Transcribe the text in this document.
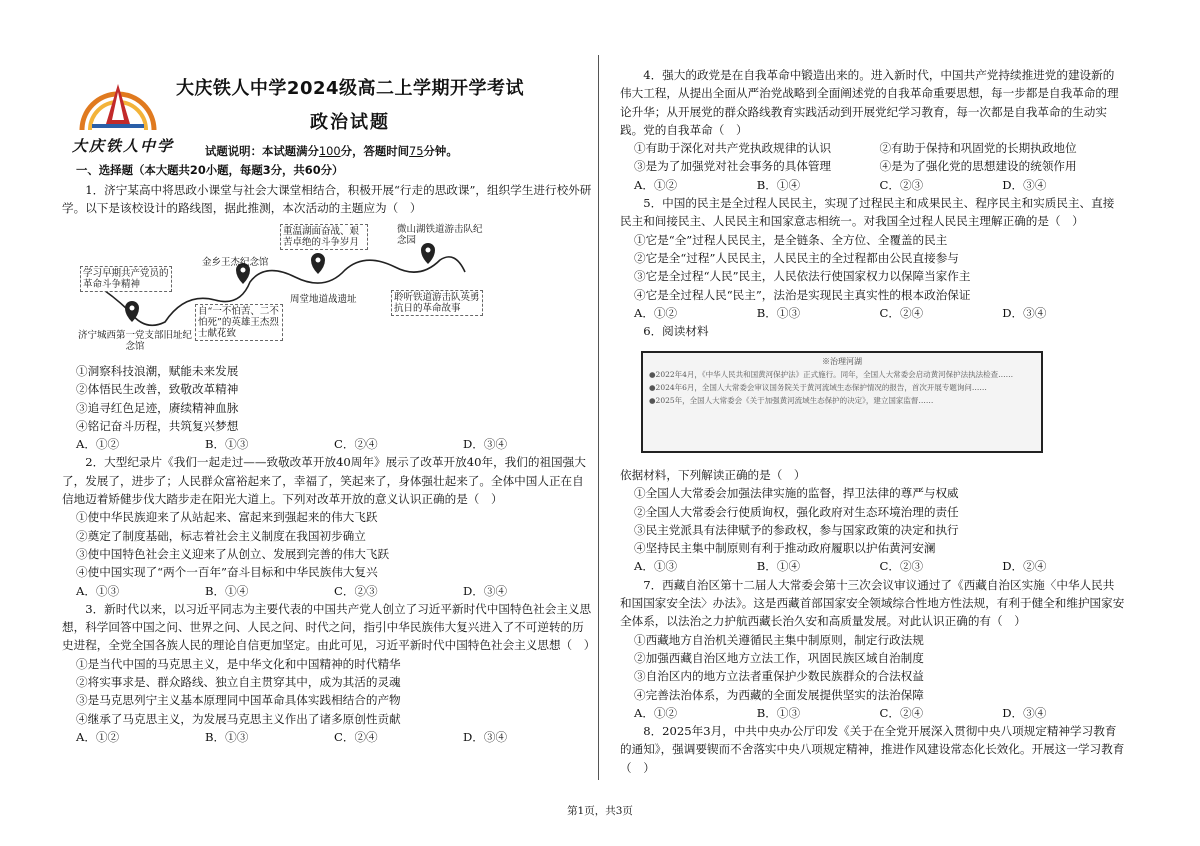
大庆铁人中学
大庆铁人中学2024级高二上学期开学考试
政治试题
试题说明：本试题满分100分，答题时间75分钟。
一、选择题（本大题共20小题，每题3分，共60分）

1．济宁某高中将思政小课堂与社会大课堂相结合，积极开展“行走的思政课”，组织学生进行校外研学。以下是该校设计的路线图，据此推测，本次活动的主题应为（　）

学习早期共产党员的革命斗争精神
济宁城西第一党支部旧址纪念馆
金乡王杰纪念馆
自“一不怕苦、二不怕死”的英雄王杰烈士献花致
重温湖面奋战、艰苦卓绝的斗争岁月
周堂地道战遗址
微山湖铁道游击队纪念园
聆听铁道游击队英勇抗日的革命故事

①洞察科技浪潮，赋能未来发展

②体悟民生改善，致敬改革精神

③追寻红色足迹，赓续精神血脉

④铭记奋斗历程，共筑复兴梦想

A．①②	B．①③	C．②④	D．③④

2．大型纪录片《我们一起走过——致敬改革开放40周年》展示了改革开放40年，我们的祖国强大了，发展了，进步了；人民群众富裕起来了，幸福了，笑起来了，身体强壮起来了。全体中国人正在自信地迈着矫健步伐大踏步走在阳光大道上。下列对改革开放的意义认识正确的是（　）

①使中华民族迎来了从站起来、富起来到强起来的伟大飞跃

②奠定了制度基础，标志着社会主义制度在我国初步确立

③使中国特色社会主义迎来了从创立、发展到完善的伟大飞跃

④使中国实现了“两个一百年”奋斗目标和中华民族伟大复兴

A．①③	B．①④	C．②③	D．③④

3．新时代以来，以习近平同志为主要代表的中国共产党人创立了习近平新时代中国特色社会主义思想，科学回答中国之问、世界之问、人民之问、时代之问，指引中华民族伟大复兴进入了不可逆转的历史进程，全党全国各族人民的理论自信更加坚定。由此可见，习近平新时代中国特色社会主义思想（　）

①是当代中国的马克思主义，是中华文化和中国精神的时代精华

②将实事求是、群众路线、独立自主贯穿其中，成为其活的灵魂

③是马克思列宁主义基本原理同中国革命具体实践相结合的产物

④继承了马克思主义，为发展马克思主义作出了诸多原创性贡献

A．①②	B．①③	C．②④	D．③④

4．强大的政党是在自我革命中锻造出来的。进入新时代，中国共产党持续推进党的建设新的伟大工程，从提出全面从严治党战略到全面阐述党的自我革命重要思想，每一步都是自我革命的理论升华；从开展党的群众路线教育实践活动到开展党纪学习教育，每一次都是自我革命的生动实践。党的自我革命（　）

①有助于深化对共产党执政规律的认识	②有助于保持和巩固党的长期执政地位
③是为了加强党对社会事务的具体管理	④是为了强化党的思想建设的统领作用
A．①②	B．①④	C．②③	D．③④

5．中国的民主是全过程人民民主，实现了过程民主和成果民主、程序民主和实质民主、直接民主和间接民主、人民民主和国家意志相统一。对我国全过程人民民主理解正确的是（　）

①它是“全”过程人民民主，是全链条、全方位、全覆盖的民主

②它是全“过程”人民民主，人民民主的全过程都由公民直接参与

③它是全过程“人民”民主，人民依法行使国家权力以保障当家作主

④它是全过程人民“民主”，法治是实现民主真实性的根本政治保证

A．①②	B．①③	C．②④	D．③④

6．阅读材料

※治理河湖
●2022年4月，《中华人民共和国黄河保护法》正式施行。同年，全国人大常委会启动黄河保护法执法检查……
●2024年6月，全国人大常委会审议国务院关于黄河流域生态保护情况的报告，首次开展专题询问……
●2025年，全国人大常委会《关于加强黄河流域生态保护的决定》，建立国家监督……

依据材料，下列解读正确的是（　）

①全国人大常委会加强法律实施的监督，捍卫法律的尊严与权威

②全国人大常委会行使质询权，强化政府对生态环境治理的责任

③民主党派具有法律赋予的参政权，参与国家政策的决定和执行

④坚持民主集中制原则有利于推动政府履职以护佑黄河安澜

A．①③	B．①④	C．②③	D．②④

7．西藏自治区第十二届人大常委会第十三次会议审议通过了《西藏自治区实施〈中华人民共和国国家安全法〉办法》。这是西藏首部国家安全领域综合性地方性法规，有利于健全和维护国家安全体系，以法治之力护航西藏长治久安和高质量发展。对此认识正确的有（　）

①西藏地方自治机关遵循民主集中制原则，制定行政法规

②加强西藏自治区地方立法工作，巩固民族区域自治制度

③自治区内的地方立法者重保护少数民族群众的合法权益

④完善法治体系，为西藏的全面发展提供坚实的法治保障

A．①②	B．①③	C．②④	D．③④

8．2025年3月，中共中央办公厅印发《关于在全党开展深入贯彻中央八项规定精神学习教育的通知》，强调要锲而不舍落实中央八项规定精神，推进作风建设常态化长效化。开展这一学习教育（　）

第1页，共3页
